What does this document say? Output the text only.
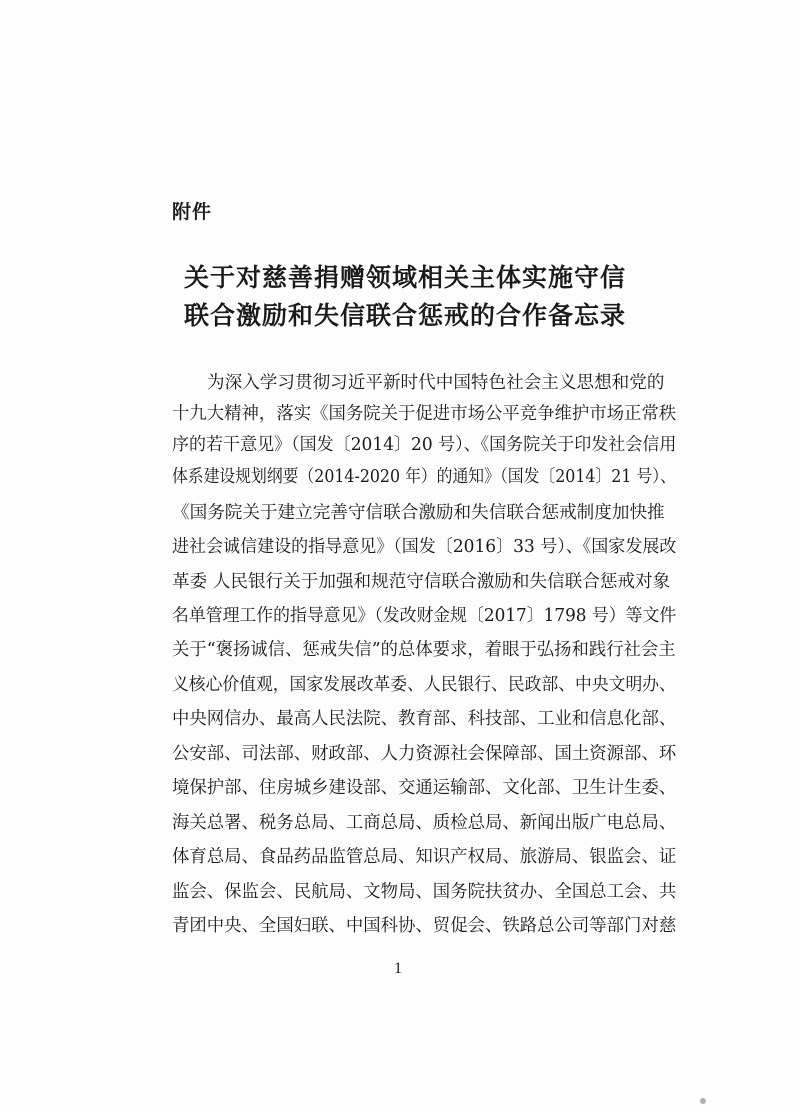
附件
关于对慈善捐赠领域相关主体实施守信
联合激励和失信联合惩戒的合作备忘录
为深入学习贯彻习近平新时代中国特色社会主义思想和党的
十九大精神，落实《国务院关于促进市场公平竞争维护市场正常秩
序的若干意见》（国发〔2014〕20 号）、《国务院关于印发社会信用
体系建设规划纲要（2014-2020 年）的通知》（国发〔2014〕21 号）、
《国务院关于建立完善守信联合激励和失信联合惩戒制度加快推
进社会诚信建设的指导意见》（国发〔2016〕33 号）、《国家发展改
革委 人民银行关于加强和规范守信联合激励和失信联合惩戒对象
名单管理工作的指导意见》（发改财金规〔2017〕1798 号）等文件
关于“褒扬诚信、惩戒失信”的总体要求，着眼于弘扬和践行社会主
义核心价值观，国家发展改革委、人民银行、民政部、中央文明办、
中央网信办、最高人民法院、教育部、科技部、工业和信息化部、
公安部、司法部、财政部、人力资源社会保障部、国土资源部、环
境保护部、住房城乡建设部、交通运输部、文化部、卫生计生委、
海关总署、税务总局、工商总局、质检总局、新闻出版广电总局、
体育总局、食品药品监管总局、知识产权局、旅游局、银监会、证
监会、保监会、民航局、文物局、国务院扶贫办、全国总工会、共
青团中央、全国妇联、中国科协、贸促会、铁路总公司等部门对慈
1
